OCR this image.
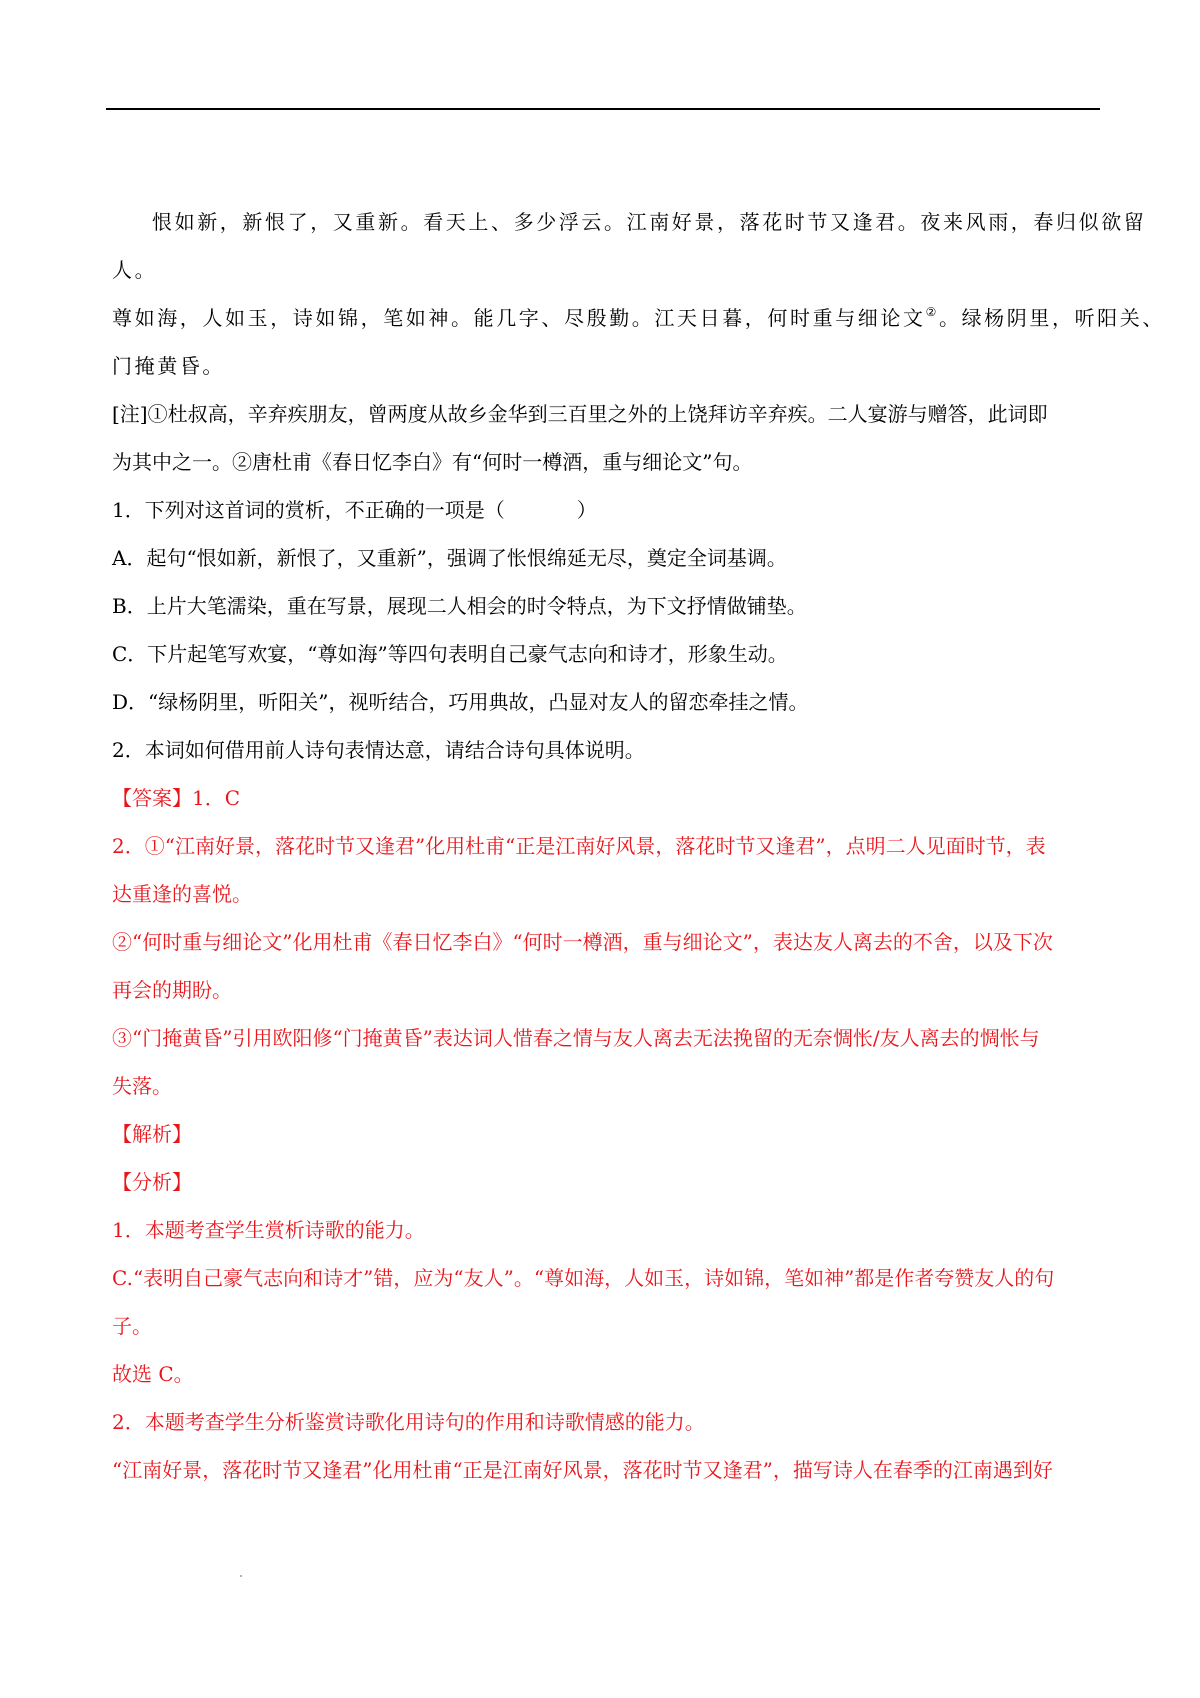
恨如新，新恨了，又重新。看天上、多少浮云。江南好景，落花时节又逢君。夜来风雨，春归似欲留
人。
尊如海，人如玉，诗如锦，笔如神。能几字、尽殷勤。江天日暮，何时重与细论文②。绿杨阴里，听阳关、
门掩黄昏。
[注]①杜叔高，辛弃疾朋友，曾两度从故乡金华到三百里之外的上饶拜访辛弃疾。二人宴游与赠答，此词即
为其中之一。②唐杜甫《春日忆李白》有“何时一樽酒，重与细论文”句。
1．下列对这首词的赏析，不正确的一项是（	）
A．起句“恨如新，新恨了，又重新”，强调了怅恨绵延无尽，奠定全词基调。
B．上片大笔濡染，重在写景，展现二人相会的时令特点，为下文抒情做铺垫。
C．下片起笔写欢宴，“尊如海”等四句表明自己豪气志向和诗才，形象生动。
D．“绿杨阴里，听阳关”，视听结合，巧用典故，凸显对友人的留恋牵挂之情。
2．本词如何借用前人诗句表情达意，请结合诗句具体说明。
【答案】1．C
2．①“江南好景，落花时节又逢君”化用杜甫“正是江南好风景，落花时节又逢君”，点明二人见面时节，表
达重逢的喜悦。
②“何时重与细论文”化用杜甫《春日忆李白》“何时一樽酒，重与细论文”，表达友人离去的不舍，以及下次
再会的期盼。
③“门掩黄昏”引用欧阳修“门掩黄昏”表达词人惜春之情与友人离去无法挽留的无奈惆怅/友人离去的惆怅与
失落。
【解析】
【分析】
1．本题考查学生赏析诗歌的能力。
C.“表明自己豪气志向和诗才”错，应为“友人”。“尊如海，人如玉，诗如锦，笔如神”都是作者夸赞友人的句
子。
故选 C。
2．本题考查学生分析鉴赏诗歌化用诗句的作用和诗歌情感的能力。
“江南好景，落花时节又逢君”化用杜甫“正是江南好风景，落花时节又逢君”，描写诗人在春季的江南遇到好
